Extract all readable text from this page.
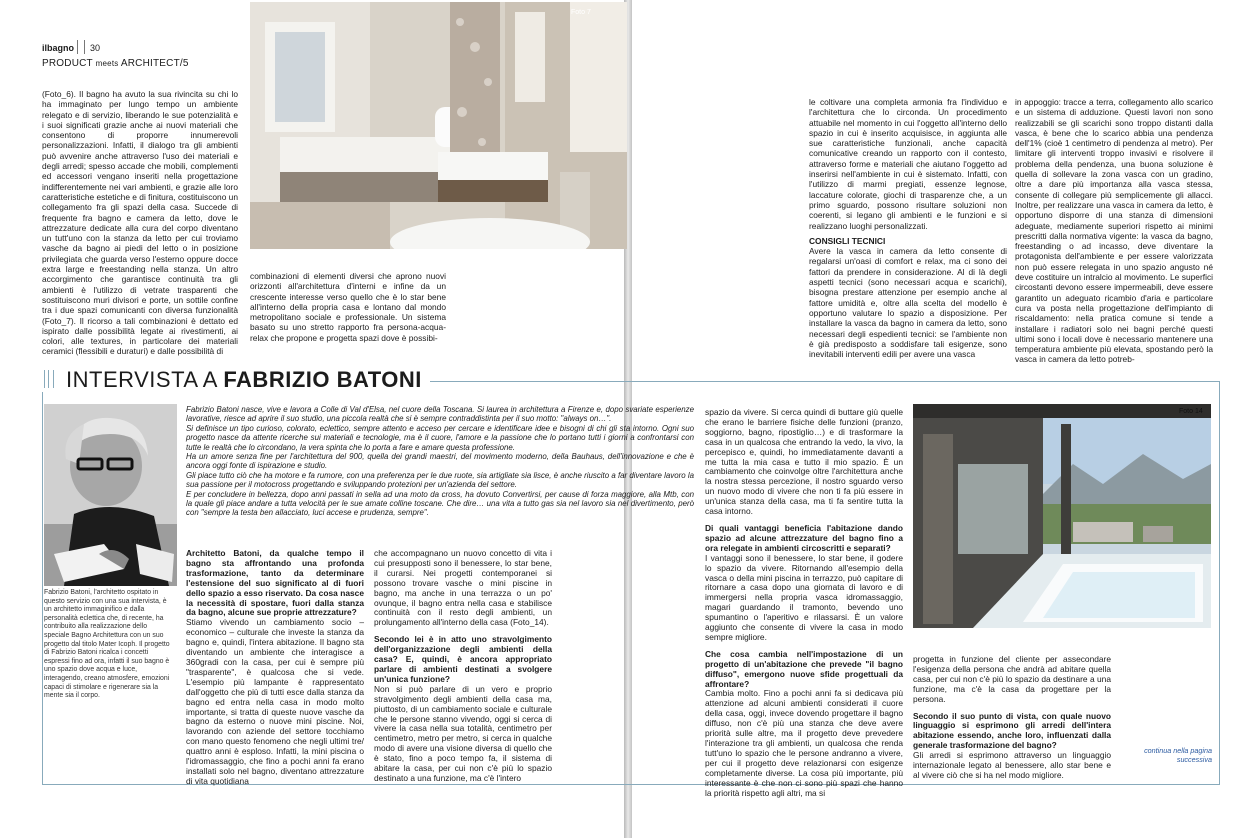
ilbagno 30
PRODUCT meets ARCHITECT/5
Foto 7

(Foto_6). Il bagno ha avuto la sua rivincita su chi lo ha immaginato per lungo tempo un ambiente relegato e di servizio, liberando le sue potenzialità e i suoi significati grazie anche ai nuovi materiali che consentono di proporre innumerevoli personalizzazioni. Infatti, il dialogo tra gli ambienti può avvenire anche attraverso l'uso dei materiali e degli arredi; spesso accade che mobili, complementi ed accessori vengano inseriti nella progettazione indifferentemente nei vari ambienti, e grazie alle loro caratteristiche estetiche e di finitura, costituiscono un collegamento fra gli spazi della casa. Succede di frequente fra bagno e camera da letto, dove le attrezzature dedicate alla cura del corpo diventano un tutt'uno con la stanza da letto per cui troviamo vasche da bagno ai piedi del letto o in posizione privilegiata che guarda verso l'esterno oppure docce extra large e freestanding nella stanza. Un altro accorgimento che garantisce continuità tra gli ambienti è l'utilizzo di vetrate trasparenti che sostituiscono muri divisori e porte, un sottile confine tra i due spazi comunicanti con diversa funzionalità (Foto_7). Il ricorso a tali combinazioni è dettato ed ispirato dalle possibilità legate ai rivestimenti, ai colori, alle textures, in particolare dei materiali ceramici (flessibili e duraturi) e dalle possibilità di

combinazioni di elementi diversi che aprono nuovi orizzonti all'architettura d'interni e infine da un crescente interesse verso quello che è lo star bene all'interno della propria casa e lontano dal mondo metropolitano sociale e professionale. Un sistema basato su uno stretto rapporto fra persona-acqua-relax che propone e progetta spazi dove è possibi-

le coltivare una completa armonia fra l'individuo e l'architettura che lo circonda. Un procedimento attuabile nel momento in cui l'oggetto all'interno dello spazio in cui è inserito acquisisce, in aggiunta alle sue caratteristiche funzionali, anche capacità comunicative creando un rapporto con il contesto, attraverso forme e materiali che aiutano l'oggetto ad inserirsi nell'ambiente in cui è sistemato. Infatti, con l'utilizzo di marmi pregiati, essenze legnose, laccature colorate, giochi di trasparenze che, a un primo sguardo, possono risultare soluzioni non coerenti, si legano gli ambienti e le funzioni e si realizzano luoghi personalizzati.

CONSIGLI TECNICI

Avere la vasca in camera da letto consente di regalarsi un'oasi di comfort e relax, ma ci sono dei fattori da prendere in considerazione. Al di là degli aspetti tecnici (sono necessari acqua e scarichi), bisogna prestare attenzione per esempio anche al fattore umidità e, oltre alla scelta del modello è opportuno valutare lo spazio a disposizione. Per installare la vasca da bagno in camera da letto, sono necessari degli espedienti tecnici: se l'ambiente non è già predisposto a soddisfare tali esigenze, sono inevitabili interventi edili per avere una vasca

in appoggio: tracce a terra, collegamento allo scarico e un sistema di adduzione. Questi lavori non sono realizzabili se gli scarichi sono troppo distanti dalla vasca, è bene che lo scarico abbia una pendenza dell'1% (cioè 1 centimetro di pendenza al metro). Per limitare gli interventi troppo invasivi e risolvere il problema della pendenza, una buona soluzione è quella di sollevare la zona vasca con un gradino, oltre a dare più importanza alla vasca stessa, consente di collegare più semplicemente gli allacci. Inoltre, per realizzare una vasca in camera da letto, è opportuno disporre di una stanza di dimensioni adeguate, mediamente superiori rispetto ai minimi prescritti dalla normativa vigente: la vasca da bagno, freestanding o ad incasso, deve diventare la protagonista dell'ambiente e per essere valorizzata non può essere relegata in uno spazio angusto né deve costituire un intralcio al movimento. Le superfici circostanti devono essere impermeabili, deve essere garantito un adeguato ricambio d'aria e particolare cura va posta nella progettazione dell'impianto di riscaldamento: nella pratica comune si tende a installare i radiatori solo nei bagni perché questi ultimi sono i locali dove è necessario mantenere una temperatura ambiente più elevata, spostando però la vasca in camera da letto potreb-

INTERVISTA A FABRIZIO BATONI

Fabrizio Batoni, l'architetto ospitato in questo servizio con una sua intervista, è un architetto immaginifico e dalla personalità eclettica che, di recente, ha contribuito alla realizzazione dello speciale Bagno Architettura con un suo progetto dal titolo Mater Icoph. Il progetto di Fabrizio Batoni ricalca i concetti espressi fino ad ora, infatti il suo bagno è uno spazio dove acqua e luce, interagendo, creano atmosfere, emozioni capaci di stimolare e rigenerare sia la mente sia il corpo.

Fabrizio Batoni nasce, vive e lavora a Colle di Val d'Elsa, nel cuore della Toscana. Si laurea in architettura a Firenze e, dopo svariate esperienze lavorative, riesce ad aprire il suo studio, una piccola realtà che si è sempre contraddistinta per il suo motto: "always on…".

Si definisce un tipo curioso, colorato, eclettico, sempre attento e acceso per cercare e identificare idee e bisogni di chi gli sta intorno. Ogni suo progetto nasce da attente ricerche sui materiali e tecnologie, ma è il cuore, l'amore e la passione che lo portano tutti i giorni a confrontarsi con tutte le realtà che lo circondano, la vera spinta che lo porta a fare e amare questa professione.

Ha un amore senza fine per l'architettura del 900, quella dei grandi maestri, del movimento moderno, della Bauhaus, dell'innovazione e che è ancora oggi fonte di ispirazione e studio.

Gli piace tutto ciò che ha motore e fa rumore, con una preferenza per le due ruote, sia artigliate sia lisce, è anche riuscito a far diventare lavoro la sua passione per il motocross progettando e sviluppando protezioni per un'azienda del settore.

E per concludere in bellezza, dopo anni passati in sella ad una moto da cross, ha dovuto Convertirsi, per cause di forza maggiore, alla Mtb, con la quale gli piace andare a tutta velocità per le sue amate colline toscane. Che dire… una vita a tutto gas sia nel lavoro sia nel divertimento, però con "sempre la testa ben allacciato, luci accese e prudenza, sempre".

Architetto Batoni, da qualche tempo il bagno sta affrontando una profonda trasformazione, tanto da determinare l'estensione del suo significato al di fuori dello spazio a esso riservato. Da cosa nasce la necessità di spostare, fuori dalla stanza da bagno, alcune sue proprie attrezzature?

Stiamo vivendo un cambiamento socio – economico – culturale che investe la stanza da bagno e, quindi, l'intera abitazione. Il bagno sta diventando un ambiente che interagisce a 360gradi con la casa, per cui è sempre più "trasparente", è qualcosa che si vede. L'esempio più lampante è rappresentato dall'oggetto che più di tutti esce dalla stanza da bagno ed entra nella casa in modo molto importante, si tratta di queste nuove vasche da bagno da esterno o nuove mini piscine. Noi, lavorando con aziende del settore tocchiamo con mano questo fenomeno che negli ultimi tre/ quattro anni è esploso. Infatti, la mini piscina o l'idromassaggio, che fino a pochi anni fa erano installati solo nel bagno, diventano attrezzature di vita quotidiana

che accompagnano un nuovo concetto di vita i cui presupposti sono il benessere, lo star bene, il curarsi. Nei progetti contemporanei si possono trovare vasche o mini piscine in bagno, ma anche in una terrazza o un po' ovunque, il bagno entra nella casa e stabilisce continuità con il resto degli ambienti, un prolungamento all'interno della casa (Foto_14).

Secondo lei è in atto uno stravolgimento dell'organizzazione degli ambienti della casa? E, quindi, è ancora appropriato parlare di ambienti destinati a svolgere un'unica funzione?

Non si può parlare di un vero e proprio stravolgimento degli ambienti della casa ma, piuttosto, di un cambiamento sociale e culturale che le persone stanno vivendo, oggi si cerca di vivere la casa nella sua totalità, centimetro per centimetro, metro per metro, si cerca in qualche modo di avere una visione diversa di quello che è stato, fino a poco tempo fa, il sistema di abitare la casa, per cui non c'è più lo spazio destinato a una funzione, ma c'è l'intero

spazio da vivere. Si cerca quindi di buttare giù quelle che erano le barriere fisiche delle funzioni (pranzo, soggiorno, bagno, ripostiglio…) e di trasformare la casa in un qualcosa che entrando la vedo, la vivo, la percepisco e, quindi, ho immediatamente davanti a me tutta la mia casa e tutto il mio spazio. È un cambiamento che coinvolge oltre l'architettura anche la nostra stessa percezione, il nostro sguardo verso un nuovo modo di vivere che non ti fa più essere in un'unica stanza della casa, ma ti fa sentire tutta la casa intorno.

Di quali vantaggi beneficia l'abitazione dando spazio ad alcune attrezzature del bagno fino a ora relegate in ambienti circoscritti e separati?

I vantaggi sono il benessere, lo star bene, il godere lo spazio da vivere. Ritornando all'esempio della vasca o della mini piscina in terrazzo, può capitare di ritornare a casa dopo una giornata di lavoro e di immergersi nella propria vasca idromassaggio, magari guardando il tramonto, bevendo uno spumantino o l'aperitivo e rilassarsi. È un valore aggiunto che consente di vivere la casa in modo sempre migliore.

Che cosa cambia nell'impostazione di un progetto di un'abitazione che prevede "il bagno diffuso", emergono nuove sfide progettuali da affrontare?

Cambia molto. Fino a pochi anni fa si dedicava più attenzione ad alcuni ambienti considerati il cuore della casa, oggi, invece dovendo progettare il bagno diffuso, non c'è più una stanza che deve avere priorità sulle altre, ma il progetto deve prevedere l'interazione tra gli ambienti, un qualcosa che renda tutt'uno lo spazio che le persone andranno a vivere, per cui il progetto deve relazionarsi con esigenze completamente diverse. La cosa più importante, più interessante è che non ci sono più spazi che hanno la priorità rispetto agli altri, ma si

Foto 14

progetta in funzione del cliente per assecondare l'esigenza della persona che andrà ad abitare quella casa, per cui non c'è più lo spazio da destinare a una funzione, ma c'è la casa da progettare per la persona.

Secondo il suo punto di vista, con quale nuovo linguaggio si esprimono gli arredi dell'intera abitazione essendo, anche loro, influenzati dalla generale trasformazione del bagno?

Gli arredi si esprimono attraverso un linguaggio internazionale legato al benessere, allo star bene e al vivere ciò che si ha nel modo migliore.

continua nella pagina successiva
